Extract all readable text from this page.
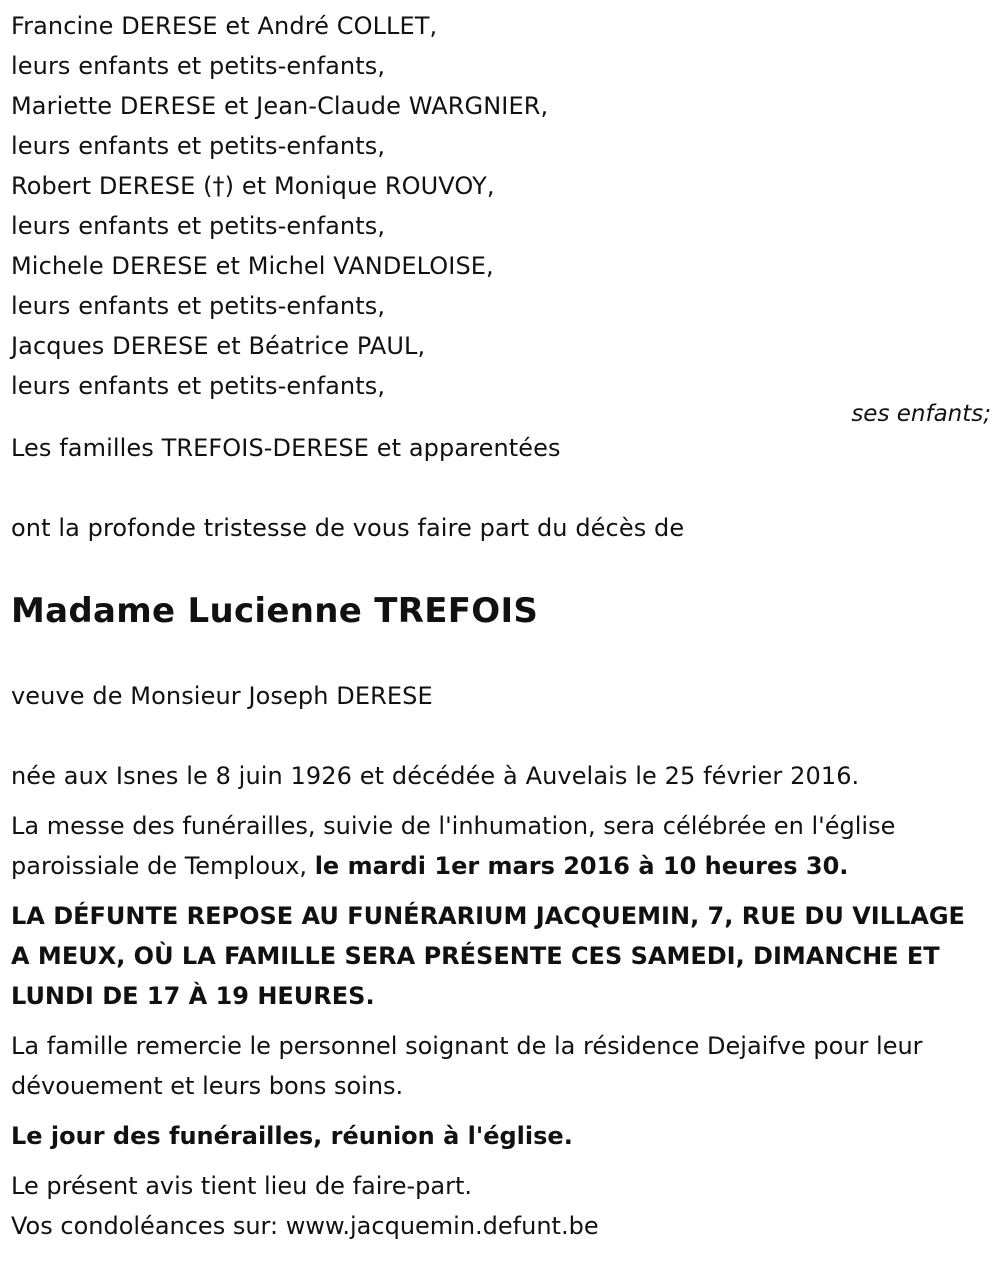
Francine DERESE et André COLLET,
leurs enfants et petits-enfants,
Mariette DERESE et Jean-Claude WARGNIER,
leurs enfants et petits-enfants,
Robert DERESE (†) et Monique ROUVOY,
leurs enfants et petits-enfants,
Michele DERESE et Michel VANDELOISE,
leurs enfants et petits-enfants,
Jacques DERESE et Béatrice PAUL,
leurs enfants et petits-enfants,
ses enfants;
Les familles TREFOIS-DERESE et apparentées
ont la profonde tristesse de vous faire part du décès de
Madame Lucienne TREFOIS
veuve de Monsieur Joseph DERESE
née aux Isnes le 8 juin 1926 et décédée à Auvelais le 25 février 2016.
La messe des funérailles, suivie de l'inhumation, sera célébrée en l'église paroissiale de Temploux, le mardi 1er mars 2016 à 10 heures 30.
LA DÉFUNTE REPOSE AU FUNÉRARIUM JACQUEMIN, 7, RUE DU VILLAGE A MEUX, OÙ LA FAMILLE SERA PRÉSENTE CES SAMEDI, DIMANCHE ET LUNDI DE 17 À 19 HEURES.
La famille remercie le personnel soignant de la résidence Dejaifve pour leur dévouement et leurs bons soins.
Le jour des funérailles, réunion à l'église.
Le présent avis tient lieu de faire-part.
Vos condoléances sur: www.jacquemin.defunt.be
